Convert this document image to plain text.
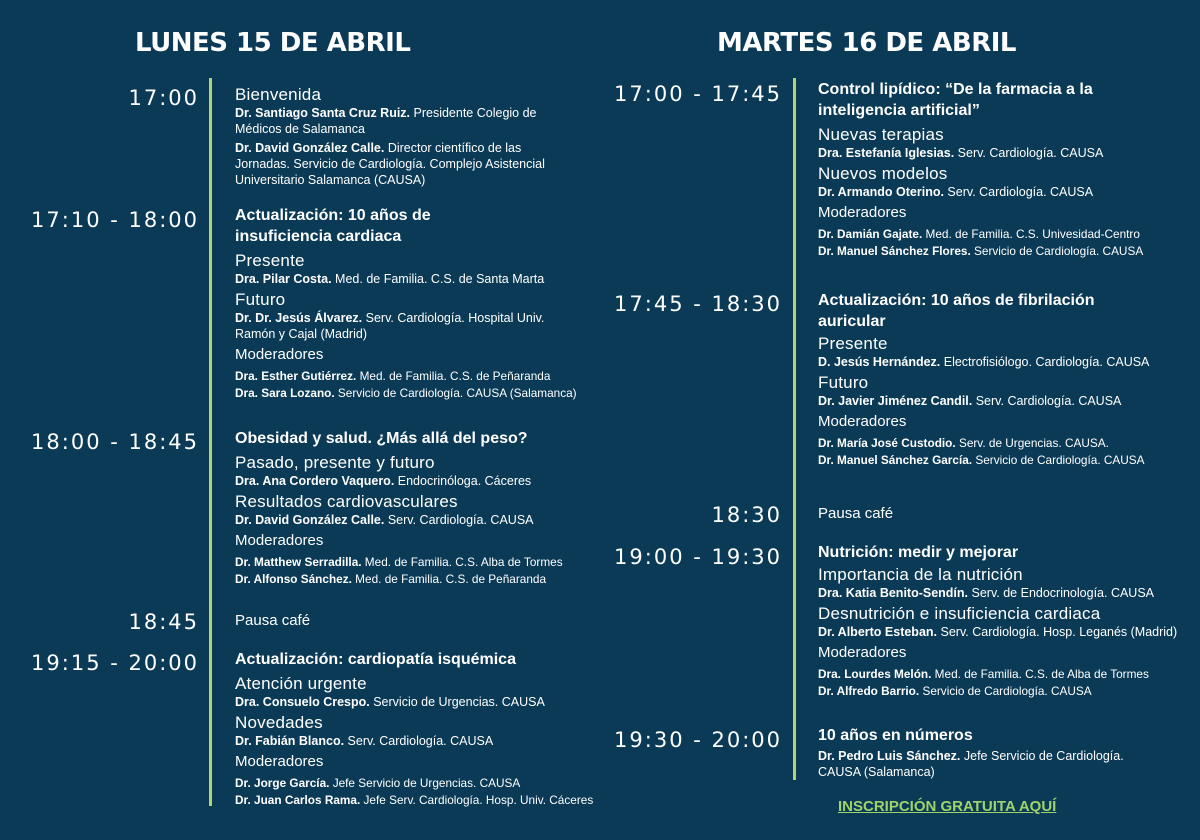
LUNES 15 DE ABRIL	MARTES 16 DE ABRIL
17:00 Bienvenida
Dr. Santiago Santa Cruz Ruiz. Presidente Colegio de Médicos de Salamanca
Dr. David González Calle. Director científico de las Jornadas. Servicio de Cardiología. Complejo Asistencial Universitario Salamanca (CAUSA)
17:10 - 18:00 Actualización: 10 años de insuficiencia cardiaca
Presente
Dra. Pilar Costa. Med. de Familia. C.S. de Santa Marta
Futuro
Dr. Dr. Jesús Álvarez. Serv. Cardiología. Hospital Univ. Ramón y Cajal (Madrid)
Moderadores
Dra. Esther Gutiérrez. Med. de Familia. C.S. de Peñaranda
Dra. Sara Lozano. Servicio de Cardiología. CAUSA (Salamanca)
18:00 - 18:45 Obesidad y salud. ¿Más allá del peso?
Pasado, presente y futuro
Dra. Ana Cordero Vaquero. Endocrinóloga. Cáceres
Resultados cardiovasculares
Dr. David González Calle. Serv. Cardiología. CAUSA
Moderadores
Dr. Matthew Serradilla. Med. de Familia. C.S. Alba de Tormes
Dr. Alfonso Sánchez. Med. de Familia. C.S. de Peñaranda
18:45 Pausa café
19:15 - 20:00 Actualización: cardiopatía isquémica
Atención urgente
Dra. Consuelo Crespo. Servicio de Urgencias. CAUSA
Novedades
Dr. Fabián Blanco. Serv. Cardiología. CAUSA
Moderadores
Dr. Jorge García. Jefe Servicio de Urgencias. CAUSA
Dr. Juan Carlos Rama. Jefe Serv. Cardiología. Hosp. Univ. Cáceres
17:00 - 17:45 Control lipídico: “De la farmacia a la inteligencia artificial”
Nuevas terapias
Dra. Estefanía Iglesias. Serv. Cardiología. CAUSA
Nuevos modelos
Dr. Armando Oterino. Serv. Cardiología. CAUSA
Moderadores
Dr. Damián Gajate. Med. de Familia. C.S. Univesidad-Centro
Dr. Manuel Sánchez Flores. Servicio de Cardiología. CAUSA
17:45 - 18:30 Actualización: 10 años de fibrilación auricular
Presente
D. Jesús Hernández. Electrofisiólogo. Cardiología. CAUSA
Futuro
Dr. Javier Jiménez Candil. Serv. Cardiología. CAUSA
Moderadores
Dr. María José Custodio. Serv. de Urgencias. CAUSA.
Dr. Manuel Sánchez García. Servicio de Cardiología. CAUSA
18:30 Pausa café
19:00 - 19:30 Nutrición: medir y mejorar
Importancia de la nutrición
Dra. Katia Benito-Sendín. Serv. de Endocrinología. CAUSA
Desnutrición e insuficiencia cardiaca
Dr. Alberto Esteban. Serv. Cardiología. Hosp. Leganés (Madrid)
Moderadores
Dra. Lourdes Melón. Med. de Familia. C.S. de Alba de Tormes
Dr. Alfredo Barrio. Servicio de Cardiología. CAUSA
19:30 - 20:00 10 años en números
Dr. Pedro Luis Sánchez. Jefe Servicio de Cardiología. CAUSA (Salamanca)
INSCRIPCIÓN GRATUITA AQUÍ
